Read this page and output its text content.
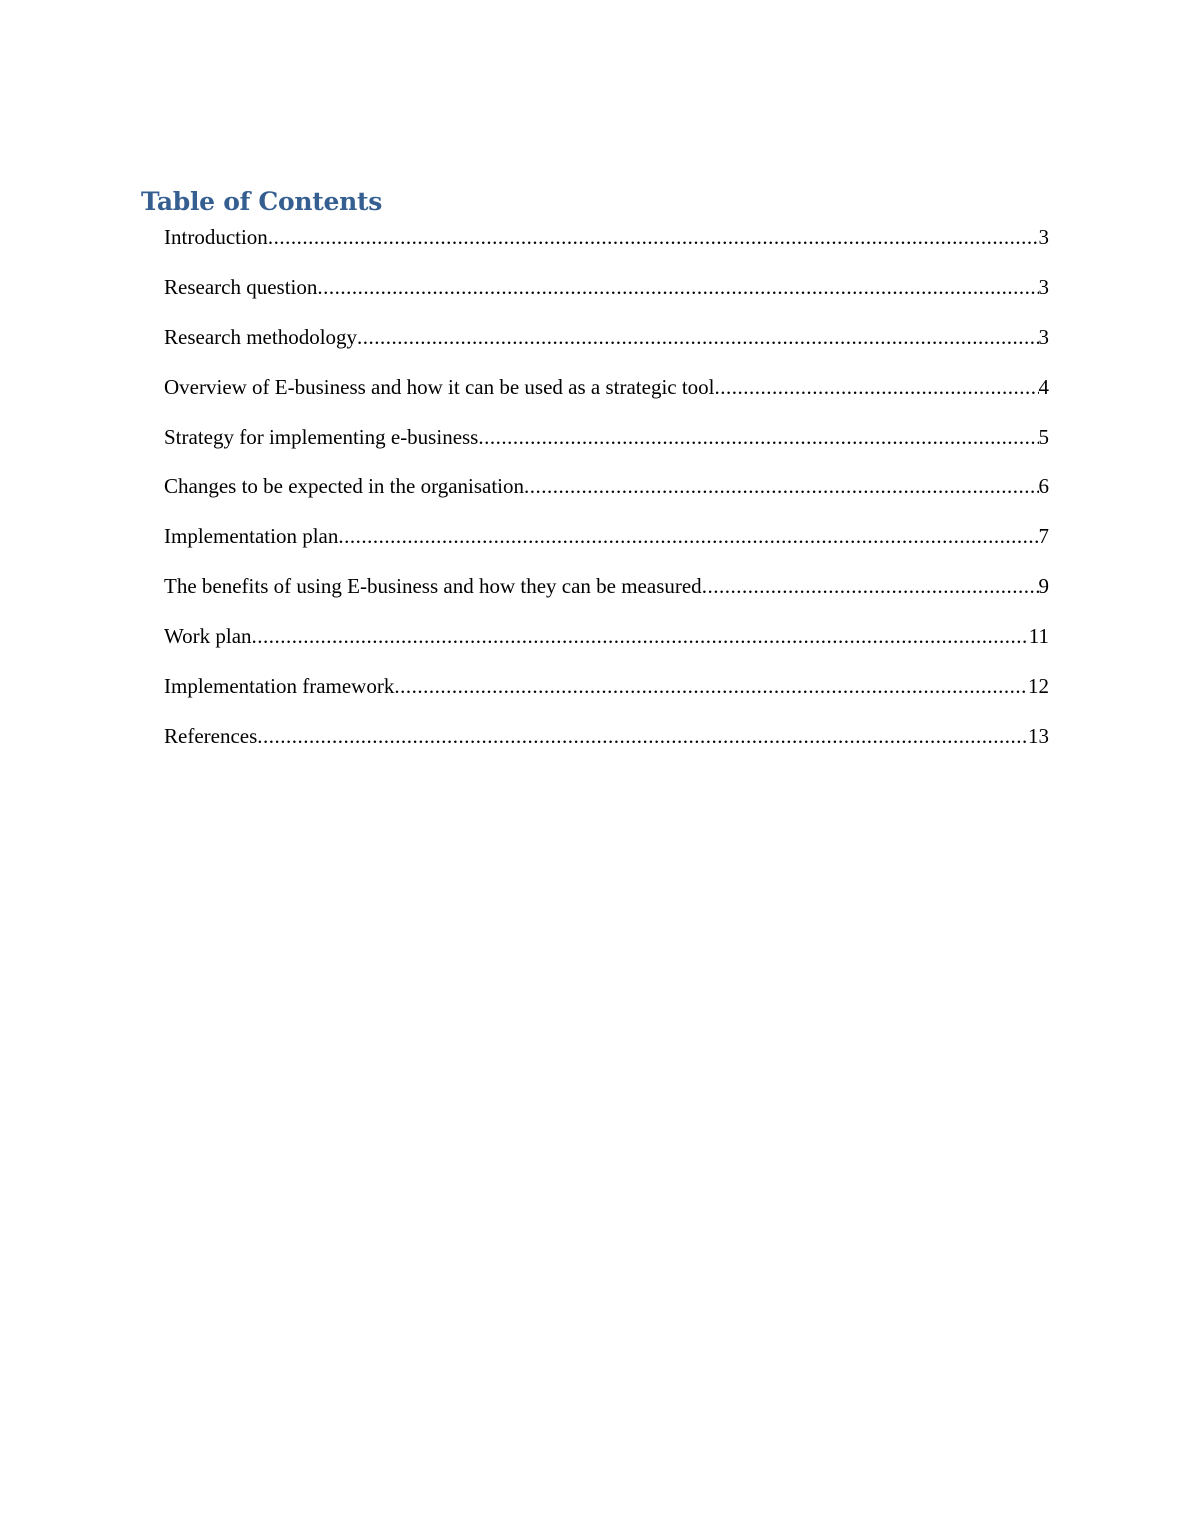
Table of Contents
Introduction .....	3
Research question .....	3
Research methodology .....	3
Overview of E-business and how it can be used as a strategic tool .....	4
Strategy for implementing e-business .....	5
Changes to be expected in the organisation .....	6
Implementation plan .....	7
The benefits of using E-business and how they can be measured .....	9
Work plan .....	11
Implementation framework .....	12
References .....	13
